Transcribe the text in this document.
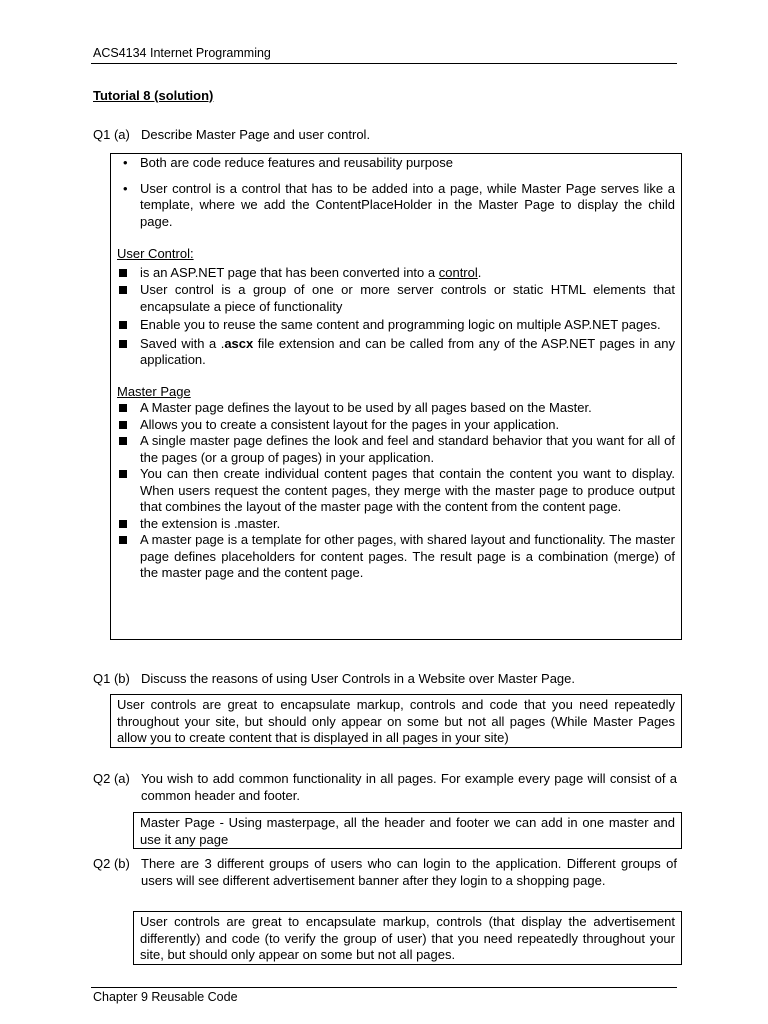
ACS4134 Internet Programming
Tutorial 8 (solution)
Q1 (a) Describe Master Page and user control.
• Both are code reduce features and reusability purpose
• User control is a control that has to be added into a page, while Master Page serves like a template, where we add the ContentPlaceHolder in the Master Page to display the child page.
User Control:
is an ASP.NET page that has been converted into a control.
User control is a group of one or more server controls or static HTML elements that encapsulate a piece of functionality
Enable you to reuse the same content and programming logic on multiple ASP.NET pages.
Saved with a .ascx file extension and can be called from any of the ASP.NET pages in any application.
Master Page
A Master page defines the layout to be used by all pages based on the Master.
Allows you to create a consistent layout for the pages in your application.
A single master page defines the look and feel and standard behavior that you want for all of the pages (or a group of pages) in your application.
You can then create individual content pages that contain the content you want to display. When users request the content pages, they merge with the master page to produce output that combines the layout of the master page with the content from the content page.
the extension is .master.
A master page is a template for other pages, with shared layout and functionality. The master page defines placeholders for content pages. The result page is a combination (merge) of the master page and the content page.
Q1 (b) Discuss the reasons of using User Controls in a Website over Master Page.
User controls are great to encapsulate markup, controls and code that you need repeatedly throughout your site, but should only appear on some but not all pages (While Master Pages allow you to create content that is displayed in all pages in your site)
Q2 (a) You wish to add common functionality in all pages. For example every page will consist of a common header and footer.
Master Page - Using masterpage, all the header and footer we can add in one master and use it any page
Q2 (b) There are 3 different groups of users who can login to the application. Different groups of users will see different advertisement banner after they login to a shopping page.
User controls are great to encapsulate markup, controls (that display the advertisement differently) and code (to verify the group of user) that you need repeatedly throughout your site, but should only appear on some but not all pages.
Chapter 9 Reusable Code
